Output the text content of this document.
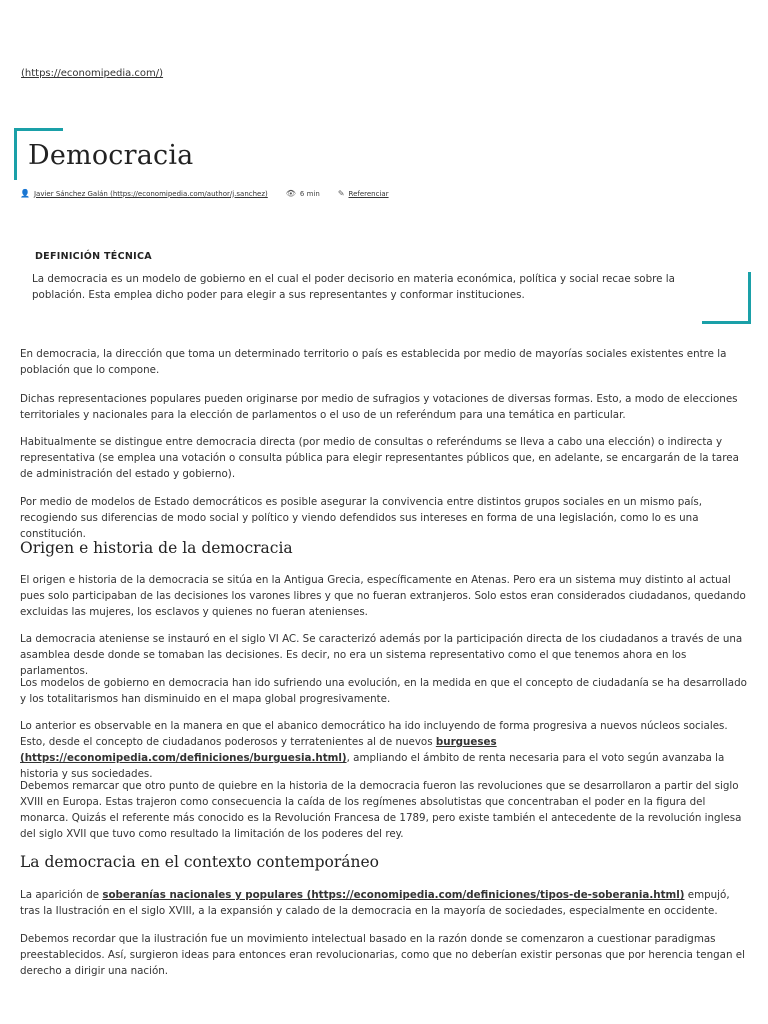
(https://economipedia.com/)
Democracia
👤 Javier Sánchez Galán (https://economipedia.com/author/j.sanchez) 👁 6 min ✎ Referenciar
DEFINICIÓN TÉCNICA
La democracia es un modelo de gobierno en el cual el poder decisorio en materia económica, política y social recae sobre la población. Esta emplea dicho poder para elegir a sus representantes y conformar instituciones.

En democracia, la dirección que toma un determinado territorio o país es establecida por medio de mayorías sociales existentes entre la población que lo compone.

Dichas representaciones populares pueden originarse por medio de sufragios y votaciones de diversas formas. Esto, a modo de elecciones territoriales y nacionales para la elección de parlamentos o el uso de un referéndum para una temática en particular.

Habitualmente se distingue entre democracia directa (por medio de consultas o referéndums se lleva a cabo una elección) o indirecta y representativa (se emplea una votación o consulta pública para elegir representantes públicos que, en adelante, se encargarán de la tarea de administración del estado y gobierno).

Por medio de modelos de Estado democráticos es posible asegurar la convivencia entre distintos grupos sociales en un mismo país, recogiendo sus diferencias de modo social y político y viendo defendidos sus intereses en forma de una legislación, como lo es una constitución.

Origen e historia de la democracia

El origen e historia de la democracia se sitúa en la Antigua Grecia, específicamente en Atenas. Pero era un sistema muy distinto al actual pues solo participaban de las decisiones los varones libres y que no fueran extranjeros. Solo estos eran considerados ciudadanos, quedando excluidas las mujeres, los esclavos y quienes no fueran atenienses.

La democracia ateniense se instauró en el siglo VI AC. Se caracterizó además por la participación directa de los ciudadanos a través de una asamblea desde donde se tomaban las decisiones. Es decir, no era un sistema representativo como el que tenemos ahora en los parlamentos.

Los modelos de gobierno en democracia han ido sufriendo una evolución, en la medida en que el concepto de ciudadanía se ha desarrollado y los totalitarismos han disminuido en el mapa global progresivamente.

Lo anterior es observable en la manera en que el abanico democrático ha ido incluyendo de forma progresiva a nuevos núcleos sociales. Esto, desde el concepto de ciudadanos poderosos y terratenientes al de nuevos burgueses (https://economipedia.com/definiciones/burguesia.html), ampliando el ámbito de renta necesaria para el voto según avanzaba la historia y sus sociedades.

Debemos remarcar que otro punto de quiebre en la historia de la democracia fueron las revoluciones que se desarrollaron a partir del siglo XVIII en Europa. Estas trajeron como consecuencia la caída de los regímenes absolutistas que concentraban el poder en la figura del monarca. Quizás el referente más conocido es la Revolución Francesa de 1789, pero existe también el antecedente de la revolución inglesa del siglo XVII que tuvo como resultado la limitación de los poderes del rey.

La democracia en el contexto contemporáneo

La aparición de soberanías nacionales y populares (https://economipedia.com/definiciones/tipos-de-soberania.html) empujó, tras la Ilustración en el siglo XVIII, a la expansión y calado de la democracia en la mayoría de sociedades, especialmente en occidente.

Debemos recordar que la ilustración fue un movimiento intelectual basado en la razón donde se comenzaron a cuestionar paradigmas preestablecidos. Así, surgieron ideas para entonces eran revolucionarias, como que no deberían existir personas que por herencia tengan el derecho a dirigir una nación.
